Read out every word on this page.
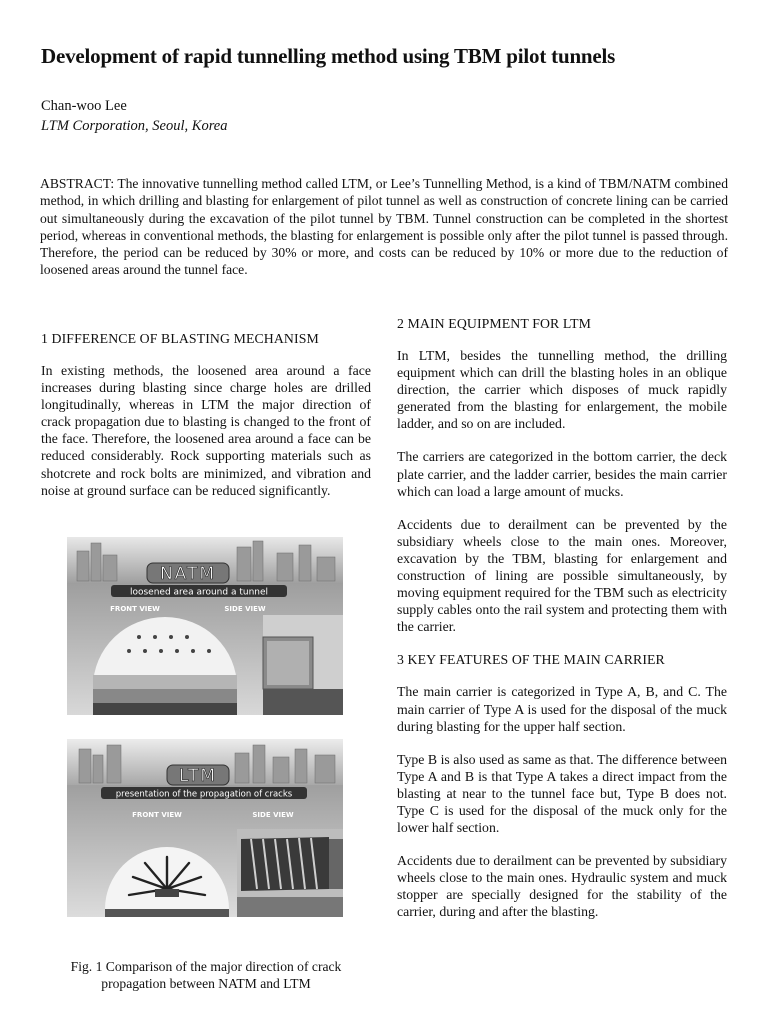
Development of rapid tunnelling method using TBM pilot tunnels
Chan-woo Lee
LTM Corporation, Seoul, Korea
ABSTRACT: The innovative tunnelling method called LTM, or Lee’s Tunnelling Method, is a kind of TBM/NATM combined method, in which drilling and blasting for enlargement of pilot tunnel as well as construction of concrete lining can be carried out simultaneously during the excavation of the pilot tunnel by TBM. Tunnel construction can be completed in the shortest period, whereas in conventional methods, the blasting for enlargement is possible only after the pilot tunnel is passed through. Therefore, the period can be reduced by 30% or more, and costs can be reduced by 10% or more due to the reduction of loosened areas around the tunnel face.
1 DIFFERENCE OF BLASTING MECHANISM

In existing methods, the loosened area around a face increases during blasting since charge holes are drilled longitudinally, whereas in LTM the major direction of crack propagation due to blasting is changed to the front of the face. Therefore, the loosened area around a face can be reduced considerably. Rock supporting materials such as shotcrete and rock bolts are minimized, and vibration and noise at ground surface can be reduced significantly.

NATM
loosened area around a tunnel
FRONT VIEW	SIDE VIEW
LTM
presentation of the propagation of cracks
FRONT VIEW	SIDE VIEW
Fig. 1 Comparison of the major direction of crack
propagation between NATM and LTM
2 MAIN EQUIPMENT FOR LTM

In LTM, besides the tunnelling method, the drilling equipment which can drill the blasting holes in an oblique direction, the carrier which disposes of muck rapidly generated from the blasting for enlargement, the mobile ladder, and so on are included.

The carriers are categorized in the bottom carrier, the deck plate carrier, and the ladder carrier, besides the main carrier which can load a large amount of mucks.

Accidents due to derailment can be prevented by the subsidiary wheels close to the main ones. Moreover, excavation by the TBM, blasting for enlargement and construction of lining are possible simultaneously, by moving equipment required for the TBM such as electricity supply cables onto the rail system and protecting them with the carrier.

3 KEY FEATURES OF THE MAIN CARRIER

The main carrier is categorized in Type A, B, and C. The main carrier of Type A is used for the disposal of the muck during blasting for the upper half section.

Type B is also used as same as that. The difference between Type A and B is that Type A takes a direct impact from the blasting at near to the tunnel face but, Type B does not. Type C is used for the disposal of the muck only for the lower half section.

Accidents due to derailment can be prevented by subsidiary wheels close to the main ones. Hydraulic system and muck stopper are specially designed for the stability of the carrier, during and after the blasting.
